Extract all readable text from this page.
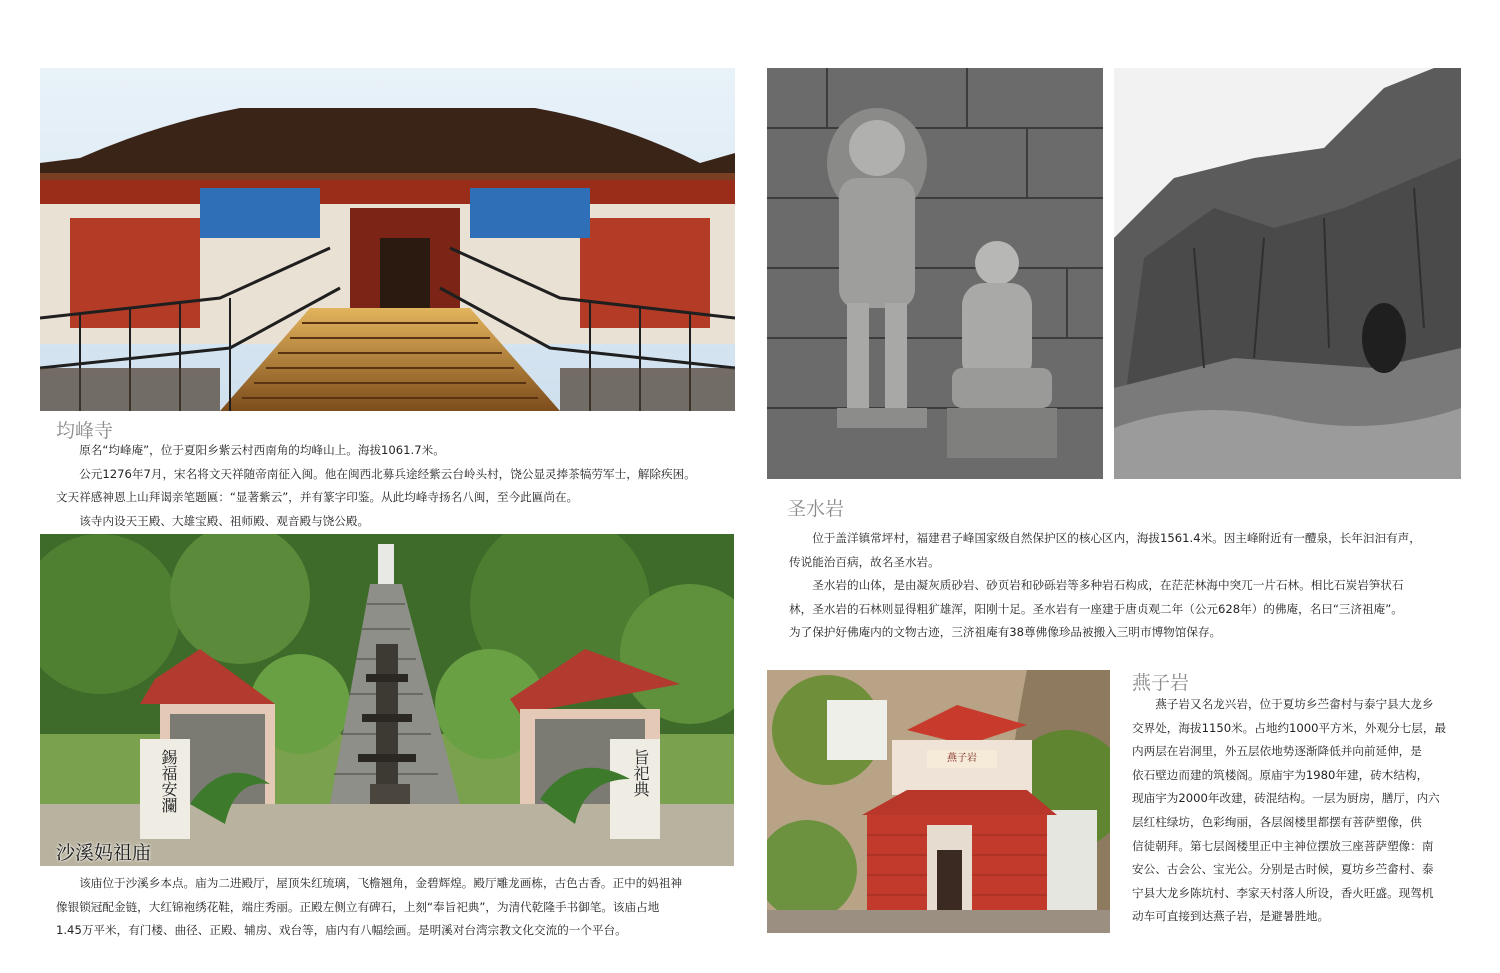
均峰寺

原名“均峰庵”，位于夏阳乡紫云村西南角的均峰山上。海拔1061.7米。

公元1276年7月，宋名将文天祥随帝南征入闽。他在闽西北募兵途经紫云台岭头村，饶公显灵捧茶犒劳军士，解除疾困。

文天祥感神恩上山拜谒亲笔题匾：“显著紫云”，并有篆字印鉴。从此均峰寺扬名八闽，至今此匾尚在。

该寺内设天王殿、大雄宝殿、祖师殿、观音殿与饶公殿。

錫福安瀾	旨祀典
沙溪妈祖庙

该庙位于沙溪乡本点。庙为二进殿厅，屋顶朱红琉璃，飞檐翘角，金碧辉煌。殿厅雕龙画栋，古色古香。正中的妈祖神

像银锁冠配金链，大红锦袍绣花鞋，端庄秀丽。正殿左侧立有碑石，上刻“奉旨祀典”，为清代乾隆手书御笔。该庙占地

1.45万平米，有门楼、曲径、正殿、辅房、戏台等，庙内有八幅绘画。是明溪对台湾宗教文化交流的一个平台。

圣水岩

位于盖洋镇常坪村，福建君子峰国家级自然保护区的核心区内，海拔1561.4米。因主峰附近有一醴泉，长年汩汩有声，

传说能治百病，故名圣水岩。

圣水岩的山体，是由凝灰质砂岩、砂页岩和砂砾岩等多种岩石构成，在茫茫林海中突兀一片石林。相比石炭岩笋状石

林，圣水岩的石林则显得粗犷雄浑，阳刚十足。圣水岩有一座建于唐贞观二年（公元628年）的佛庵，名曰“三济祖庵”。

为了保护好佛庵内的文物古迹，三济祖庵有38尊佛像珍品被搬入三明市博物馆保存。

燕子岩
燕子岩

燕子岩又名龙兴岩，位于夏坊乡苎畲村与泰宁县大龙乡

交界处，海拔1150米。占地约1000平方米，外观分七层，最

内两层在岩洞里，外五层依地势逐渐降低并向前延伸，是

依石壁边而建的筑楼阁。原庙宇为1980年建，砖木结构，

现庙宇为2000年改建，砖混结构。一层为厨房，膳厅，内六

层红柱绿坊，色彩绚丽，各层阁楼里都摆有菩萨塑像，供

信徒朝拜。第七层阁楼里正中主神位摆放三座菩萨塑像：南

安公、古会公、宝光公。分别是古时候，夏坊乡苎畲村、泰

宁县大龙乡陈坑村、李家天村落人所设，香火旺盛。现驾机

动车可直接到达燕子岩，是避暑胜地。
